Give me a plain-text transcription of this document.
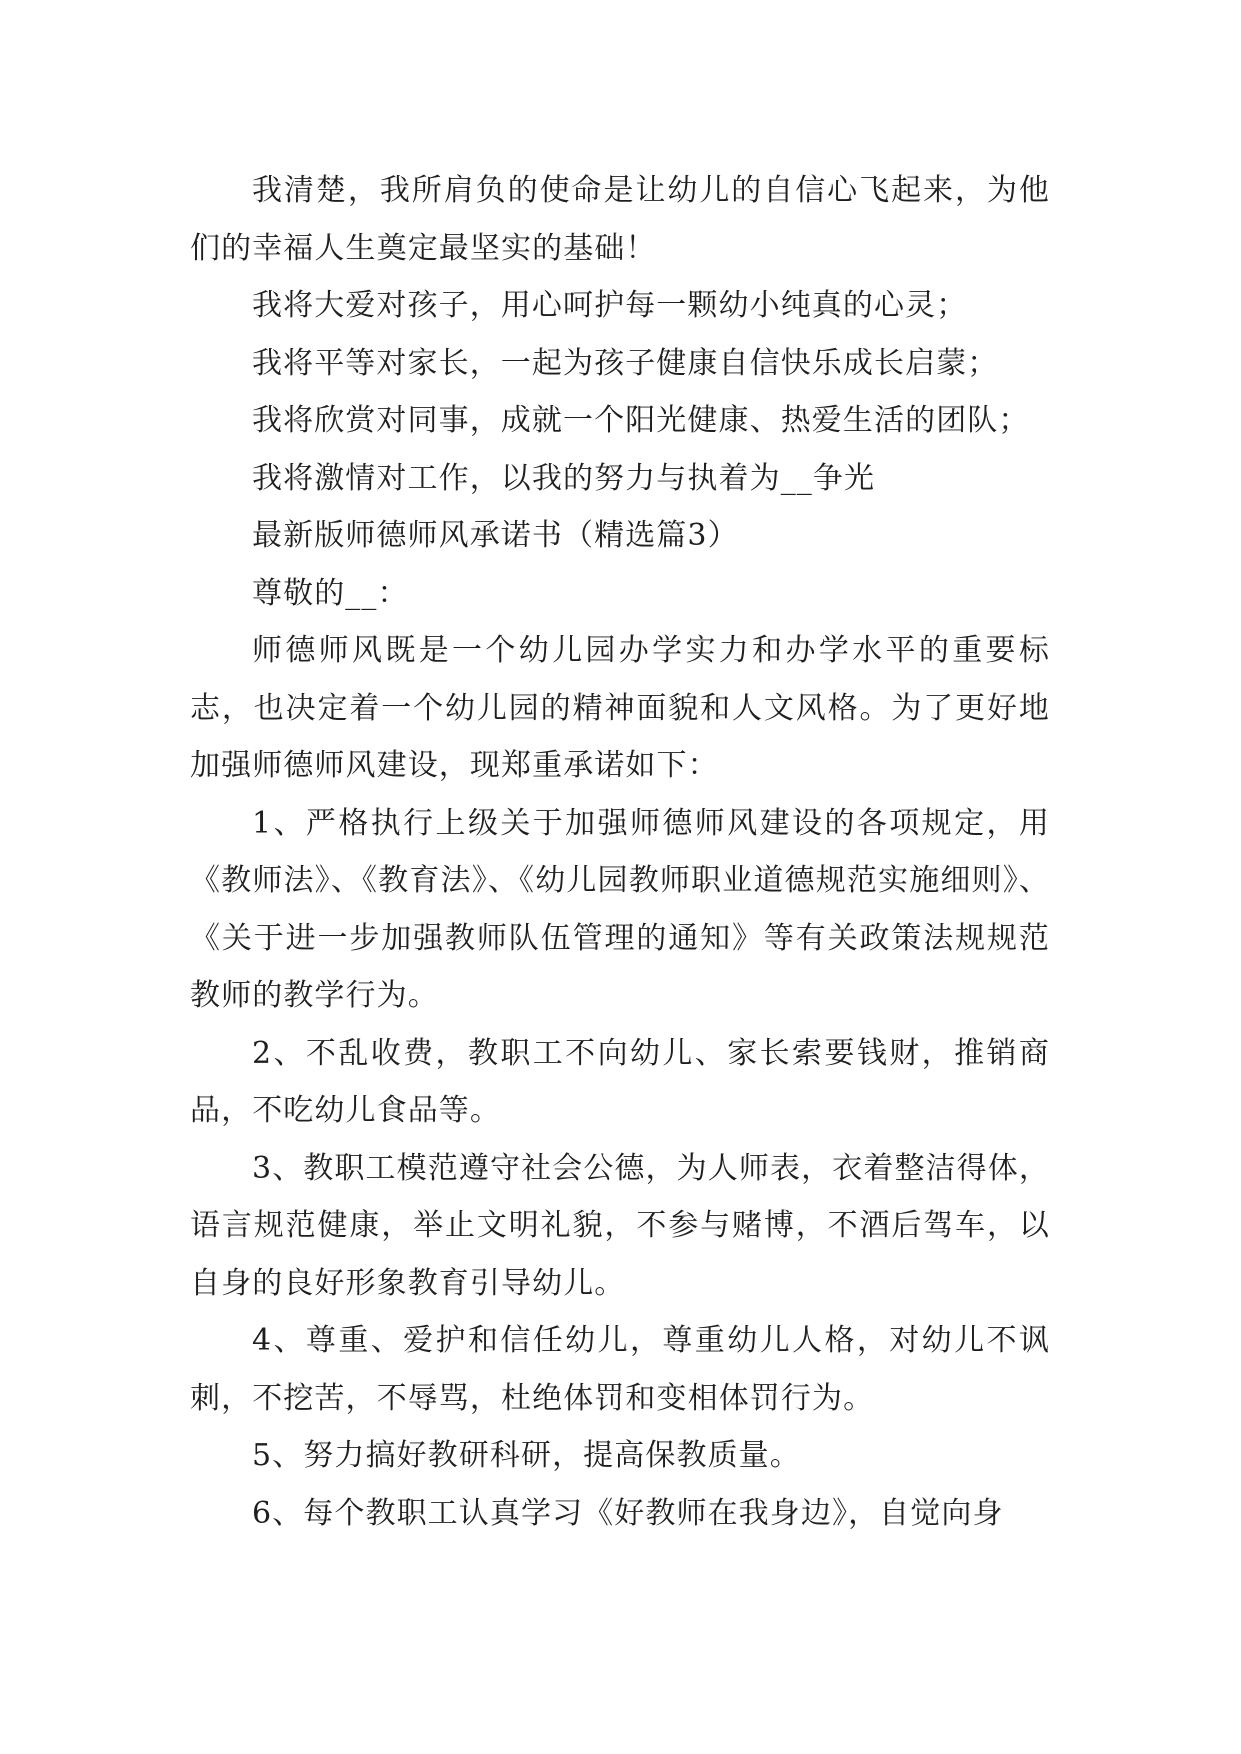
我清楚，我所肩负的使命是让幼儿的自信心飞起来，为他们的幸福人生奠定最坚实的基础！

我将大爱对孩子，用心呵护每一颗幼小纯真的心灵；

我将平等对家长，一起为孩子健康自信快乐成长启蒙；

我将欣赏对同事，成就一个阳光健康、热爱生活的团队；

我将激情对工作，以我的努力与执着为__争光

最新版师德师风承诺书（精选篇3）

尊敬的__：

师德师风既是一个幼儿园办学实力和办学水平的重要标志，也决定着一个幼儿园的精神面貌和人文风格。为了更好地加强师德师风建设，现郑重承诺如下：

1、严格执行上级关于加强师德师风建设的各项规定，用《教师法》、《教育法》、《幼儿园教师职业道德规范实施细则》、《关于进一步加强教师队伍管理的通知》等有关政策法规规范教师的教学行为。

2、不乱收费，教职工不向幼儿、家长索要钱财，推销商品，不吃幼儿食品等。

3、教职工模范遵守社会公德，为人师表，衣着整洁得体，语言规范健康，举止文明礼貌，不参与赌博，不酒后驾车，以自身的良好形象教育引导幼儿。

4、尊重、爱护和信任幼儿，尊重幼儿人格，对幼儿不讽刺，不挖苦，不辱骂，杜绝体罚和变相体罚行为。

5、努力搞好教研科研，提高保教质量。

6、每个教职工认真学习《好教师在我身边》，自觉向身
